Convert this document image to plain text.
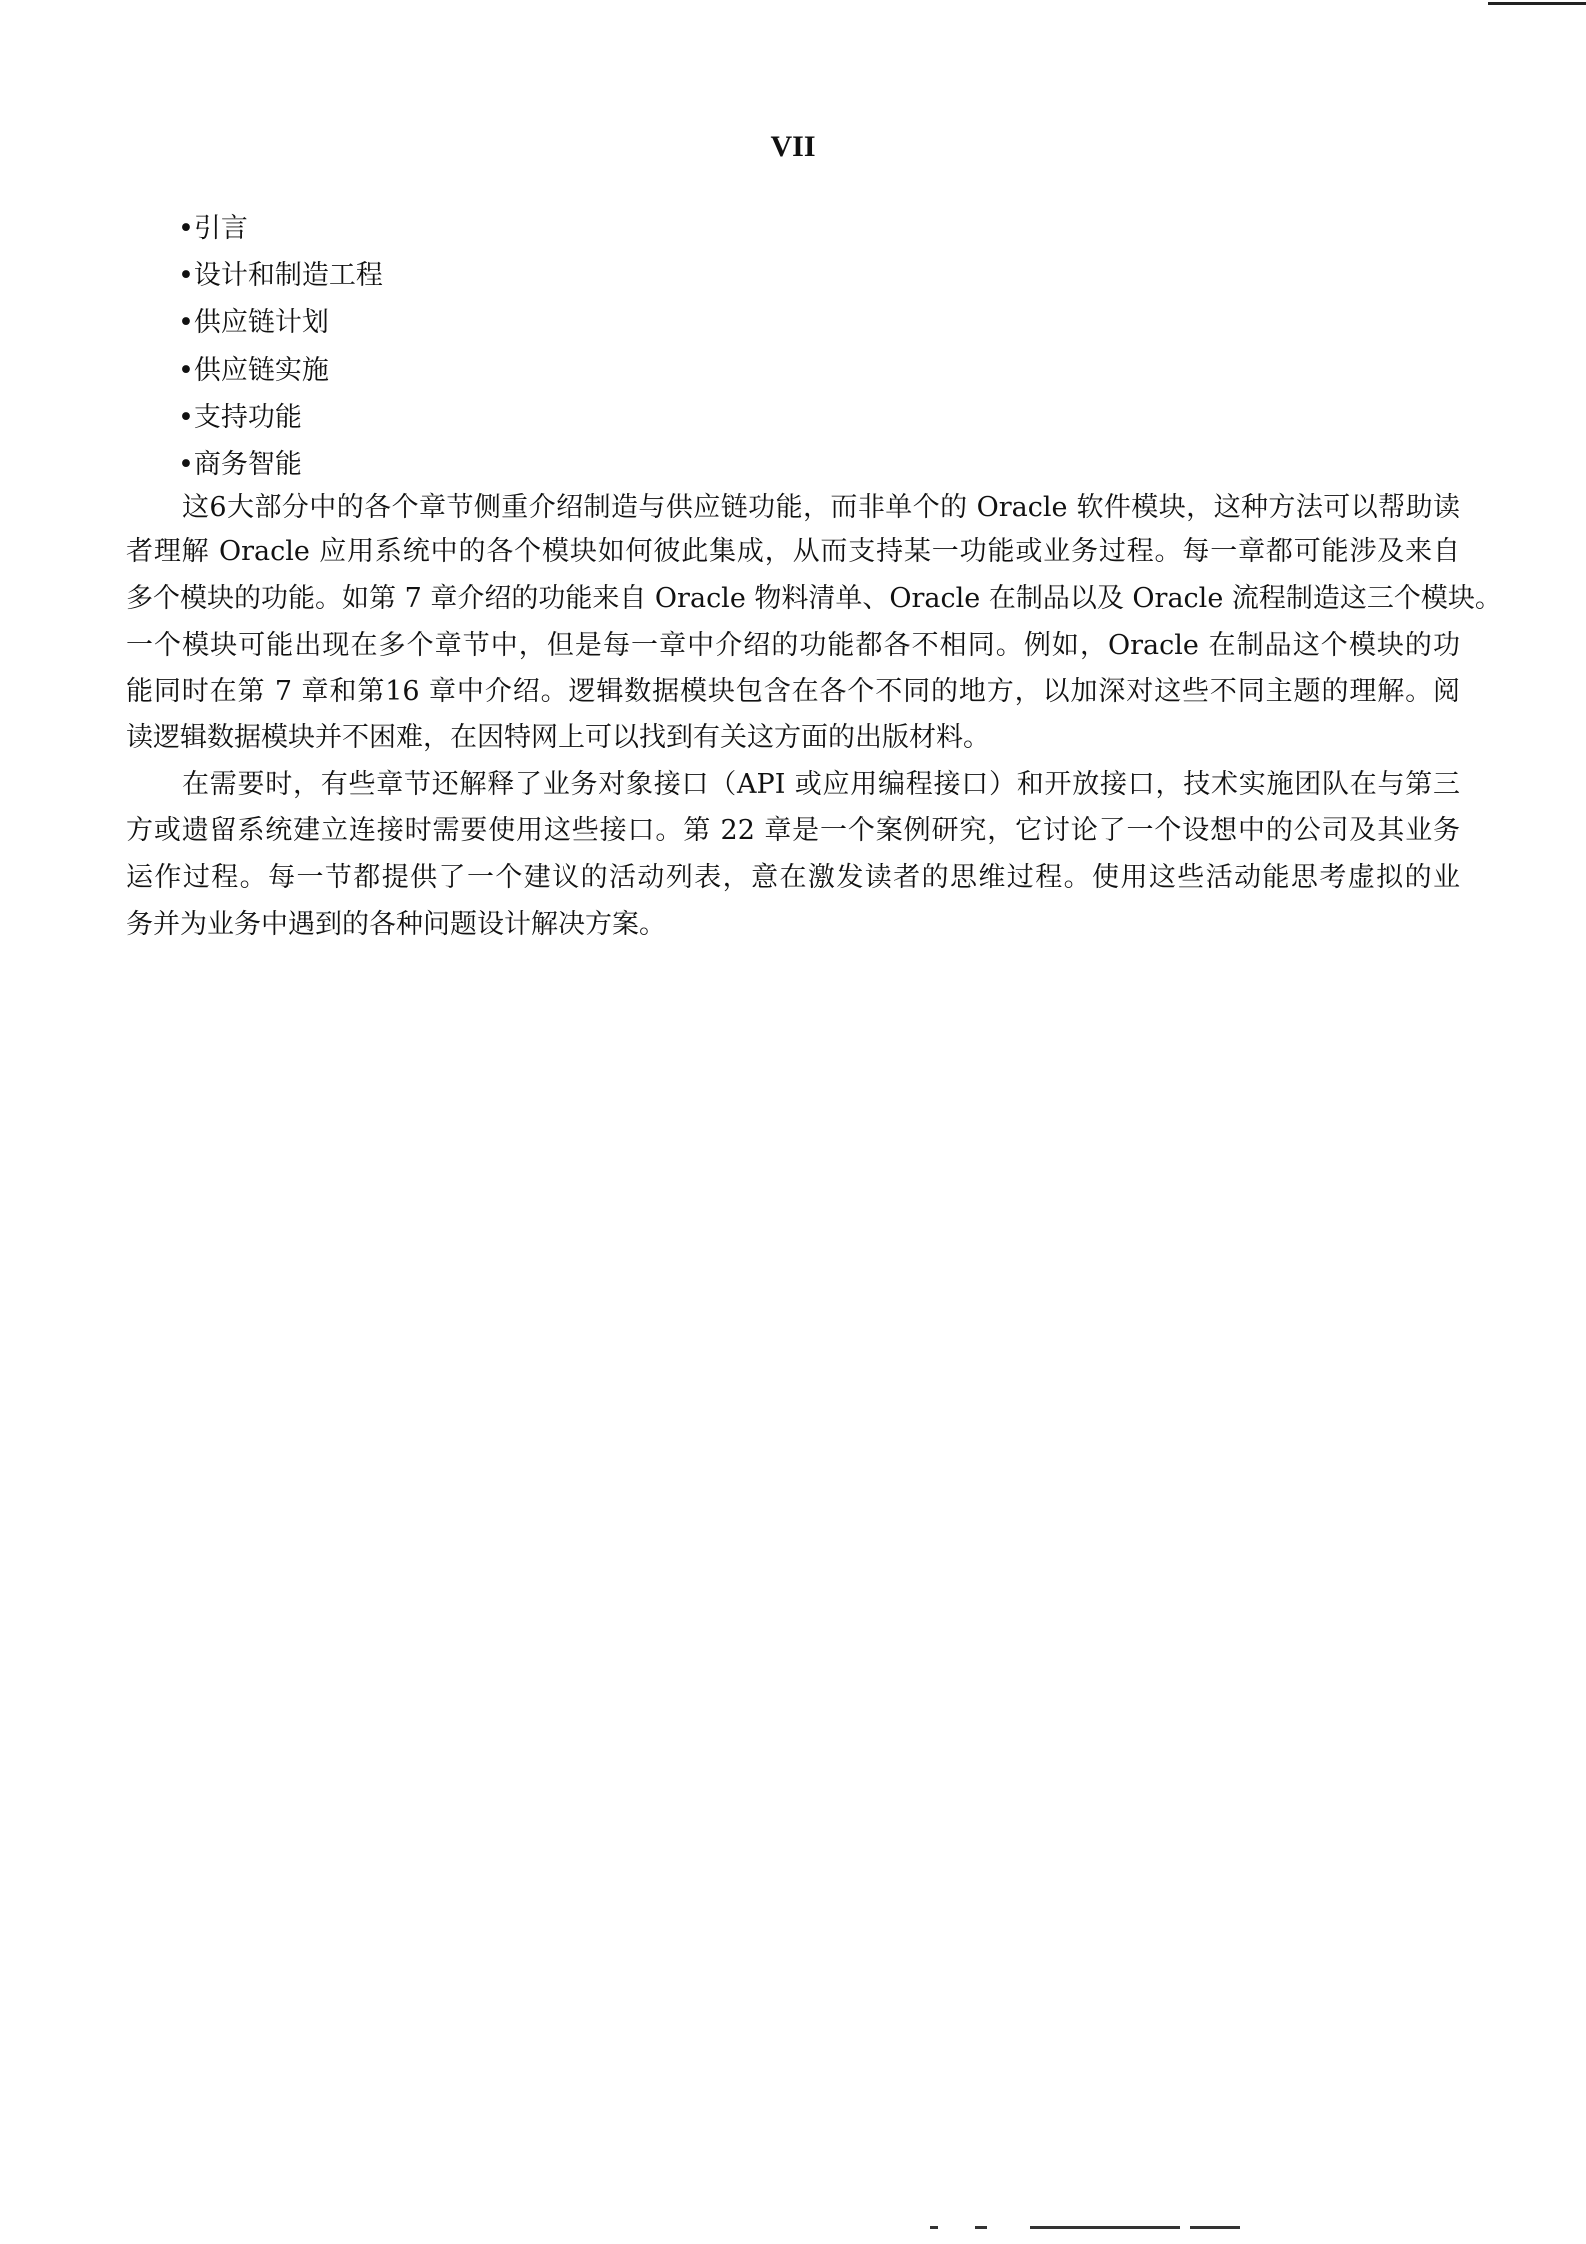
VII
•引言
•设计和制造工程
•供应链计划
•供应链实施
•支持功能
•商务智能
这6大部分中的各个章节侧重介绍制造与供应链功能，而非单个的 Oracle 软件模块，这种方法可以帮助读
者理解 Oracle 应用系统中的各个模块如何彼此集成，从而支持某一功能或业务过程。每一章都可能涉及来自
多个模块的功能。如第 7 章介绍的功能来自 Oracle 物料清单、Oracle 在制品以及 Oracle 流程制造这三个模块。
一个模块可能出现在多个章节中，但是每一章中介绍的功能都各不相同。例如，Oracle 在制品这个模块的功
能同时在第 7 章和第16 章中介绍。逻辑数据模块包含在各个不同的地方，以加深对这些不同主题的理解。阅
读逻辑数据模块并不困难，在因特网上可以找到有关这方面的出版材料。
在需要时，有些章节还解释了业务对象接口（API 或应用编程接口）和开放接口，技术实施团队在与第三
方或遗留系统建立连接时需要使用这些接口。第 22 章是一个案例研究，它讨论了一个设想中的公司及其业务
运作过程。每一节都提供了一个建议的活动列表，意在激发读者的思维过程。使用这些活动能思考虚拟的业
务并为业务中遇到的各种问题设计解决方案。
